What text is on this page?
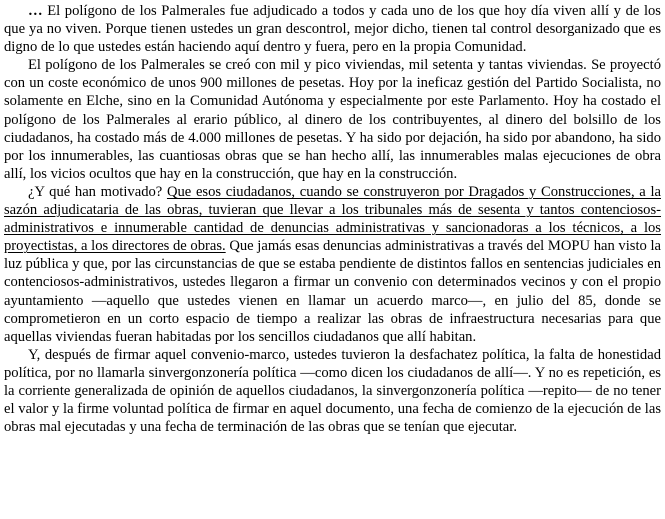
… El polígono de los Palmerales fue adjudicado a todos y cada uno de los que hoy día viven allí y de los que ya no viven. Porque tienen ustedes un gran descontrol, mejor dicho, tienen tal control desorganizado que es digno de lo que ustedes están haciendo aquí dentro y fuera, pero en la propia Comunidad.

El polígono de los Palmerales se creó con mil y pico viviendas, mil setenta y tantas viviendas. Se proyectó con un coste económico de unos 900 millones de pesetas. Hoy por la ineficaz gestión del Partido Socialista, no solamente en Elche, sino en la Comunidad Autónoma y especialmente por este Parlamento. Hoy ha costado el polígono de los Palmerales al erario público, al dinero de los contribuyentes, al dinero del bolsillo de los ciudadanos, ha costado más de 4.000 millones de pesetas. Y ha sido por dejación, ha sido por abandono, ha sido por los innumerables, las cuantiosas obras que se han hecho allí, las innumerables malas ejecuciones de obra allí, los vicios ocultos que hay en la construcción, que hay en la construcción.

¿Y qué han motivado? Que esos ciudadanos, cuando se construyeron por Dragados y Construcciones, a la sazón adjudicataria de las obras, tuvieran que llevar a los tribunales más de sesenta y tantos contenciosos-administrativos e innumerable cantidad de denuncias administrativas y sancionadoras a los técnicos, a los proyectistas, a los directores de obras. Que jamás esas denuncias administrativas a través del MOPU han visto la luz pública y que, por las circunstancias de que se estaba pendiente de distintos fallos en sentencias judiciales en contenciosos-administrativos, ustedes llegaron a firmar un convenio con determinados vecinos y con el propio ayuntamiento —aquello que ustedes vienen en llamar un acuerdo marco—, en julio del 85, donde se comprometieron en un corto espacio de tiempo a realizar las obras de infraestructura necesarias para que aquellas viviendas fueran habitadas por los sencillos ciudadanos que allí habitan.

Y, después de firmar aquel convenio-marco, ustedes tuvieron la desfachatez política, la falta de honestidad política, por no llamarla sinvergonzonería política —como dicen los ciudadanos de allí—. Y no es repetición, es la corriente generalizada de opinión de aquellos ciudadanos, la sinvergonzonería política —repito— de no tener el valor y la firme voluntad política de firmar en aquel documento, una fecha de comienzo de la ejecución de las obras mal ejecutadas y una fecha de terminación de las obras que se tenían que ejecutar.
